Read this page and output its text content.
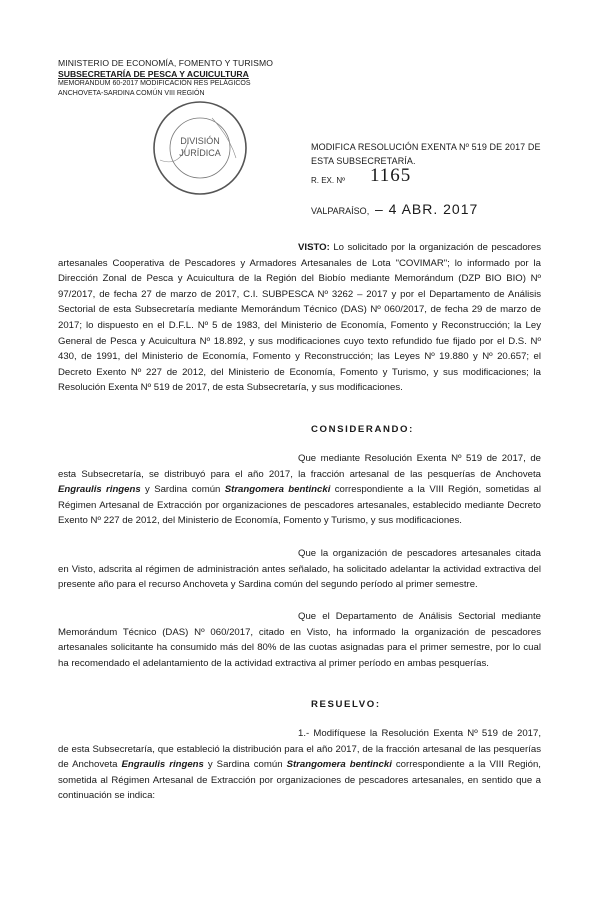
MINISTERIO DE ECONOMÍA, FOMENTO Y TURISMO
SUBSECRETARÍA DE PESCA Y ACUICULTURA
MEMORANDUM 60-2017 MODIFICACIÓN RES PELÁGICOS
ANCHOVETA-SARDINA COMÚN VIII REGIÓN
DIVISIÓN
JURÍDICA
MODIFICA RESOLUCIÓN EXENTA Nº 519 DE 2017 DE
ESTA SUBSECRETARÍA.
R. EX. Nº 1165
VALPARAÍSO, – 4 ABR. 2017

VISTO: Lo solicitado por la organización de pescadores artesanales Cooperativa de Pescadores y Armadores Artesanales de Lota "COVIMAR"; lo informado por la Dirección Zonal de Pesca y Acuicultura de la Región del Biobío mediante Memorándum (DZP BIO BIO) Nº 97/2017, de fecha 27 de marzo de 2017, C.I. SUBPESCA Nº 3262 – 2017 y por el Departamento de Análisis Sectorial de esta Subsecretaría mediante Memorándum Técnico (DAS) Nº 060/2017, de fecha 29 de marzo de 2017; lo dispuesto en el D.F.L. Nº 5 de 1983, del Ministerio de Economía, Fomento y Reconstrucción; la Ley General de Pesca y Acuicultura Nº 18.892, y sus modificaciones cuyo texto refundido fue fijado por el D.S. Nº 430, de 1991, del Ministerio de Economía, Fomento y Reconstrucción; las Leyes Nº 19.880 y Nº 20.657; el Decreto Exento Nº 227 de 2012, del Ministerio de Economía, Fomento y Turismo, y sus modificaciones; la Resolución Exenta Nº 519 de 2017, de esta Subsecretaría, y sus modificaciones.

CONSIDERANDO:

Que mediante Resolución Exenta Nº 519 de 2017, de esta Subsecretaría, se distribuyó para el año 2017, la fracción artesanal de las pesquerías de Anchoveta Engraulis ringens y Sardina común Strangomera bentincki correspondiente a la VIII Región, sometidas al Régimen Artesanal de Extracción por organizaciones de pescadores artesanales, establecido mediante Decreto Exento Nº 227 de 2012, del Ministerio de Economía, Fomento y Turismo, y sus modificaciones.

Que la organización de pescadores artesanales citada en Visto, adscrita al régimen de administración antes señalado, ha solicitado adelantar la actividad extractiva del presente año para el recurso Anchoveta y Sardina común del segundo período al primer semestre.

Que el Departamento de Análisis Sectorial mediante Memorándum Técnico (DAS) Nº 060/2017, citado en Visto, ha informado la organización de pescadores artesanales solicitante ha consumido más del 80% de las cuotas asignadas para el primer semestre, por lo cual ha recomendado el adelantamiento de la actividad extractiva al primer período en ambas pesquerías.

RESUELVO:

1.- Modifíquese la Resolución Exenta Nº 519 de 2017, de esta Subsecretaría, que estableció la distribución para el año 2017, de la fracción artesanal de las pesquerías de Anchoveta Engraulis ringens y Sardina común Strangomera bentincki correspondiente a la VIII Región, sometida al Régimen Artesanal de Extracción por organizaciones de pescadores artesanales, en sentido que a continuación se indica:
